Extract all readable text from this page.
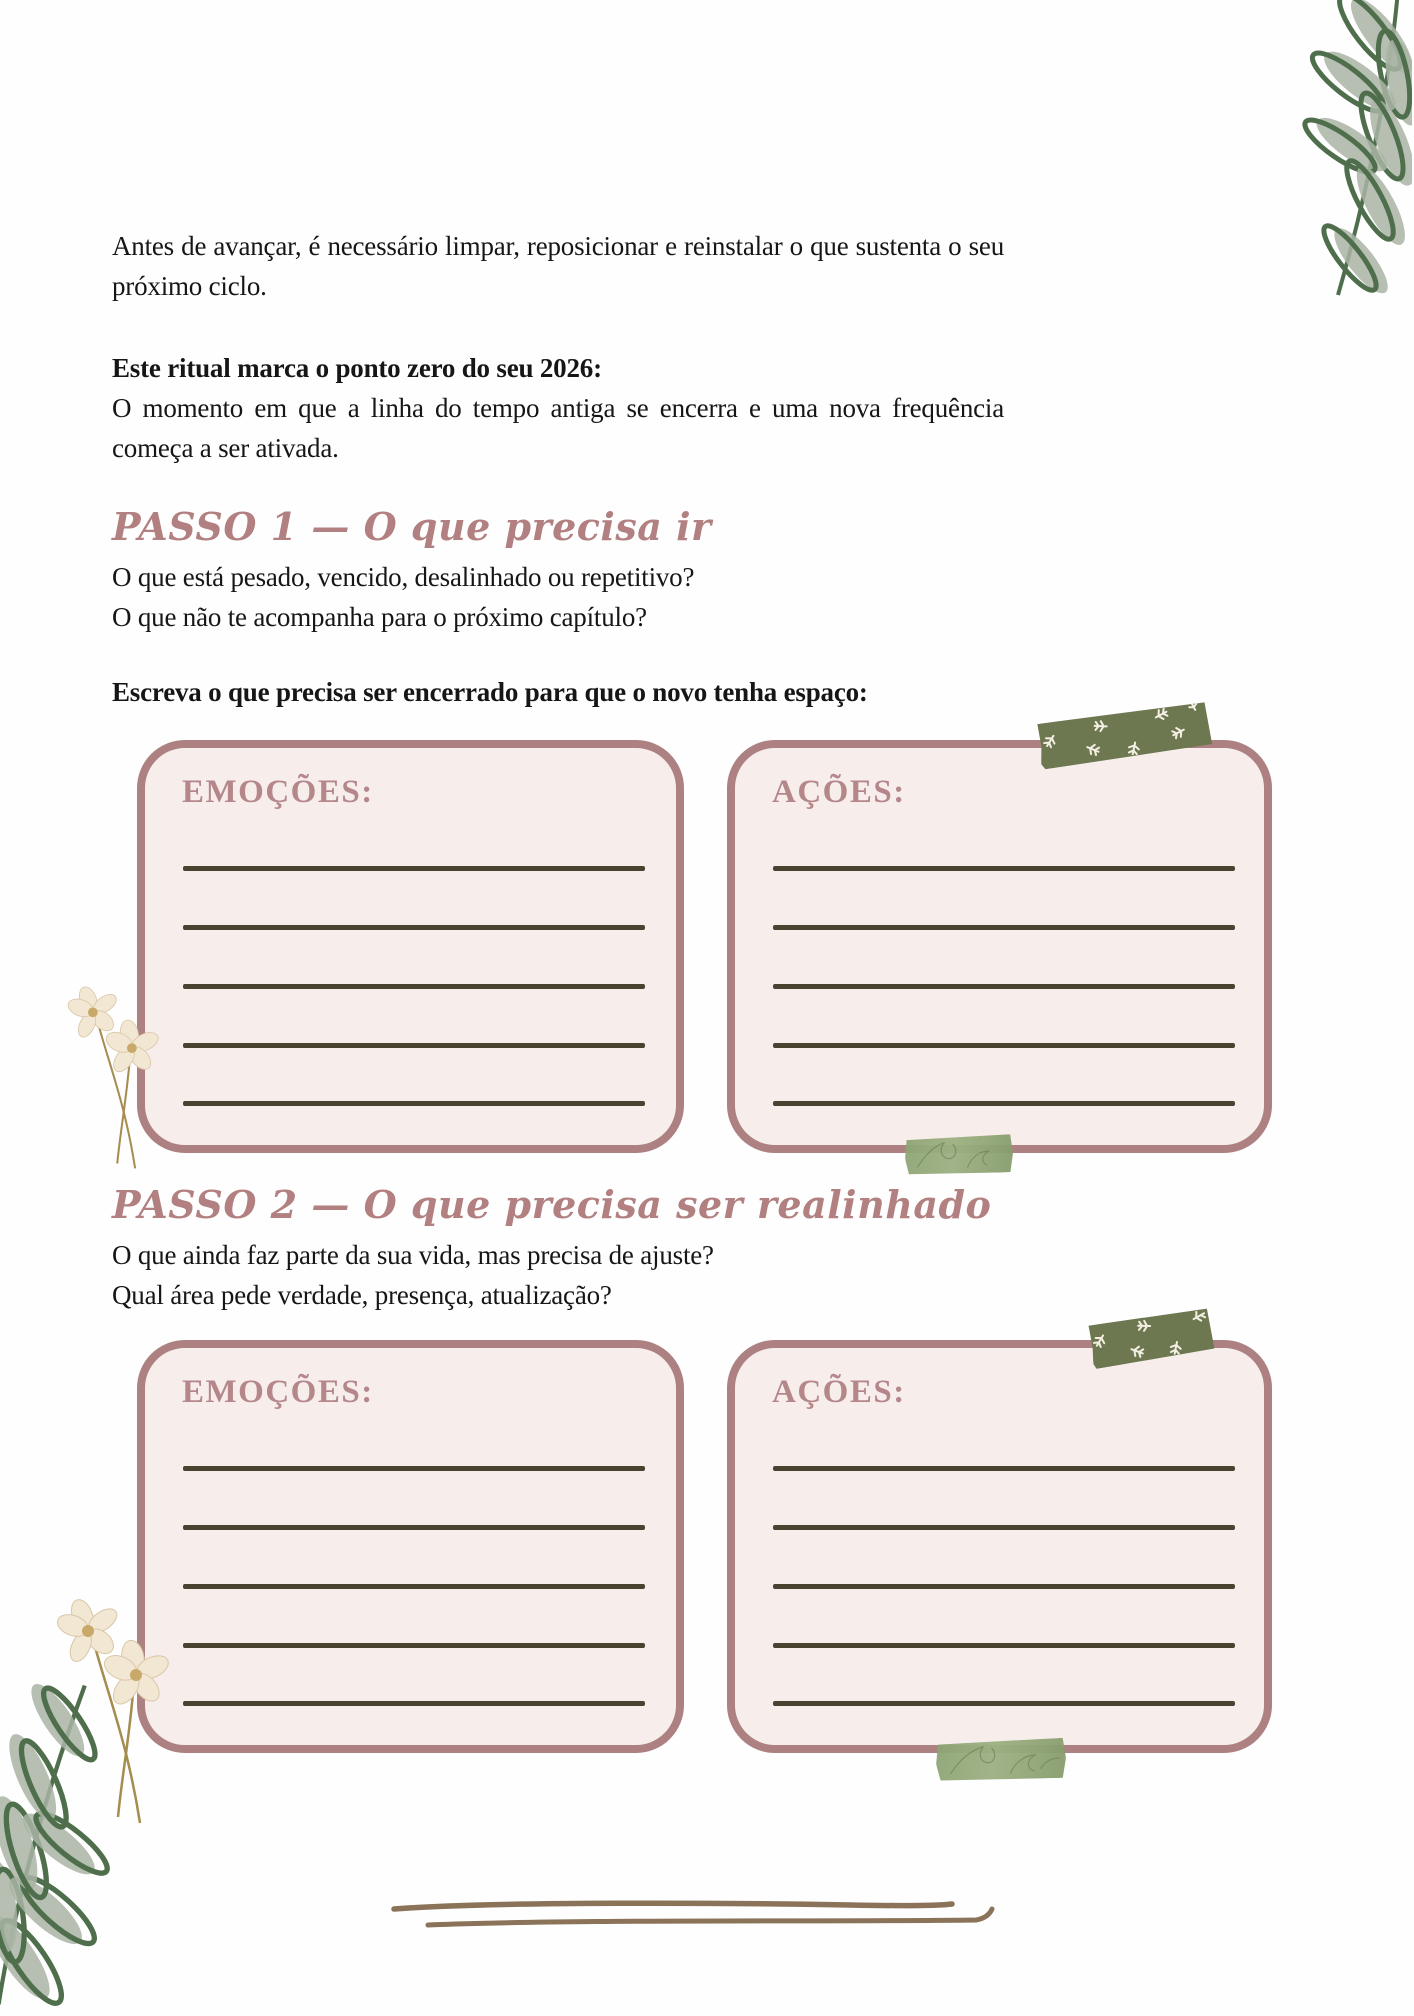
Antes de avançar, é necessário limpar, reposicionar e reinstalar o que sustenta o seu próximo ciclo.
Este ritual marca o ponto zero do seu 2026:
O momento em que a linha do tempo antiga se encerra e uma nova frequência começa a ser ativada.
PASSO 1 — O que precisa ir
O que está pesado, vencido, desalinhado ou repetitivo?
O que não te acompanha para o próximo capítulo?
Escreva o que precisa ser encerrado para que o novo tenha espaço:
EMOÇÕES:	AÇÕES:
PASSO 2 — O que precisa ser realinhado
O que ainda faz parte da sua vida, mas precisa de ajuste?
Qual área pede verdade, presença, atualização?
EMOÇÕES:	AÇÕES:
